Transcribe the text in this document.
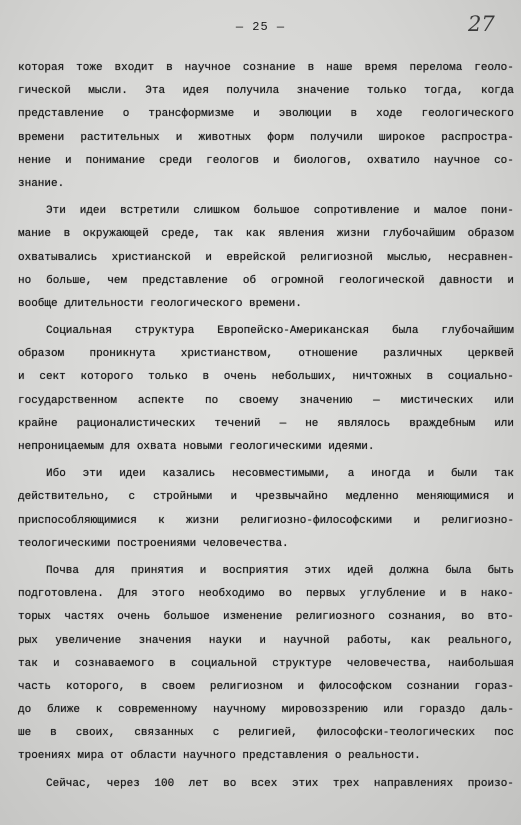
— 25 —	27
которая тоже входит в научное сознание в наше время перелома геоло-
гической мысли. Эта идея получила значение только тогда, когда
представление о трансформизме и эволюции в ходе геологического
времени растительных и животных форм получили широкое распростра-
нение и понимание среди геологов и биологов, охватило научное со-
знание.
Эти идеи встретили слишком большое сопротивление и малое пони-
мание в окружающей среде, так как явления жизни глубочайшим образом
охватывались христианской и еврейской религиозной мыслью, несравнен-
но больше, чем представление об огромной геологической давности и
вообще длительности геологического времени.
Социальная структура Европейско-Американская была глубочайшим
образом проникнута христианством, отношение различных церквей
и сект которого только в очень небольших, ничтожных в социально-
государственном аспекте по своему значению — мистических или
крайне рационалистических течений — не являлось враждебным или
непроницаемым для охвата новыми геологическими идеями.
Ибо эти идеи казались несовместимыми, а иногда и были так
действительно, с стройными и чрезвычайно медленно меняющимися и
приспособляющимися к жизни религиозно-философскими и религиозно-
теологическими построениями человечества.
Почва для принятия и восприятия этих идей должна была быть
подготовлена. Для этого необходимо во первых углубление и в нако-
торых частях очень большое изменение религиозного сознания, во вто-
рых увеличение значения науки и научной работы, как реального,
так и сознаваемого в социальной структуре человечества, наибольшая
часть которого, в своем религиозном и философском сознании гораз-
до ближе к современному научному мировоззрению или гораздо даль-
ше в своих, связанных с религией, философски-теологических пос
троениях мира от области научного представления о реальности.
Сейчас, через 100 лет во всех этих трех направлениях произо-
